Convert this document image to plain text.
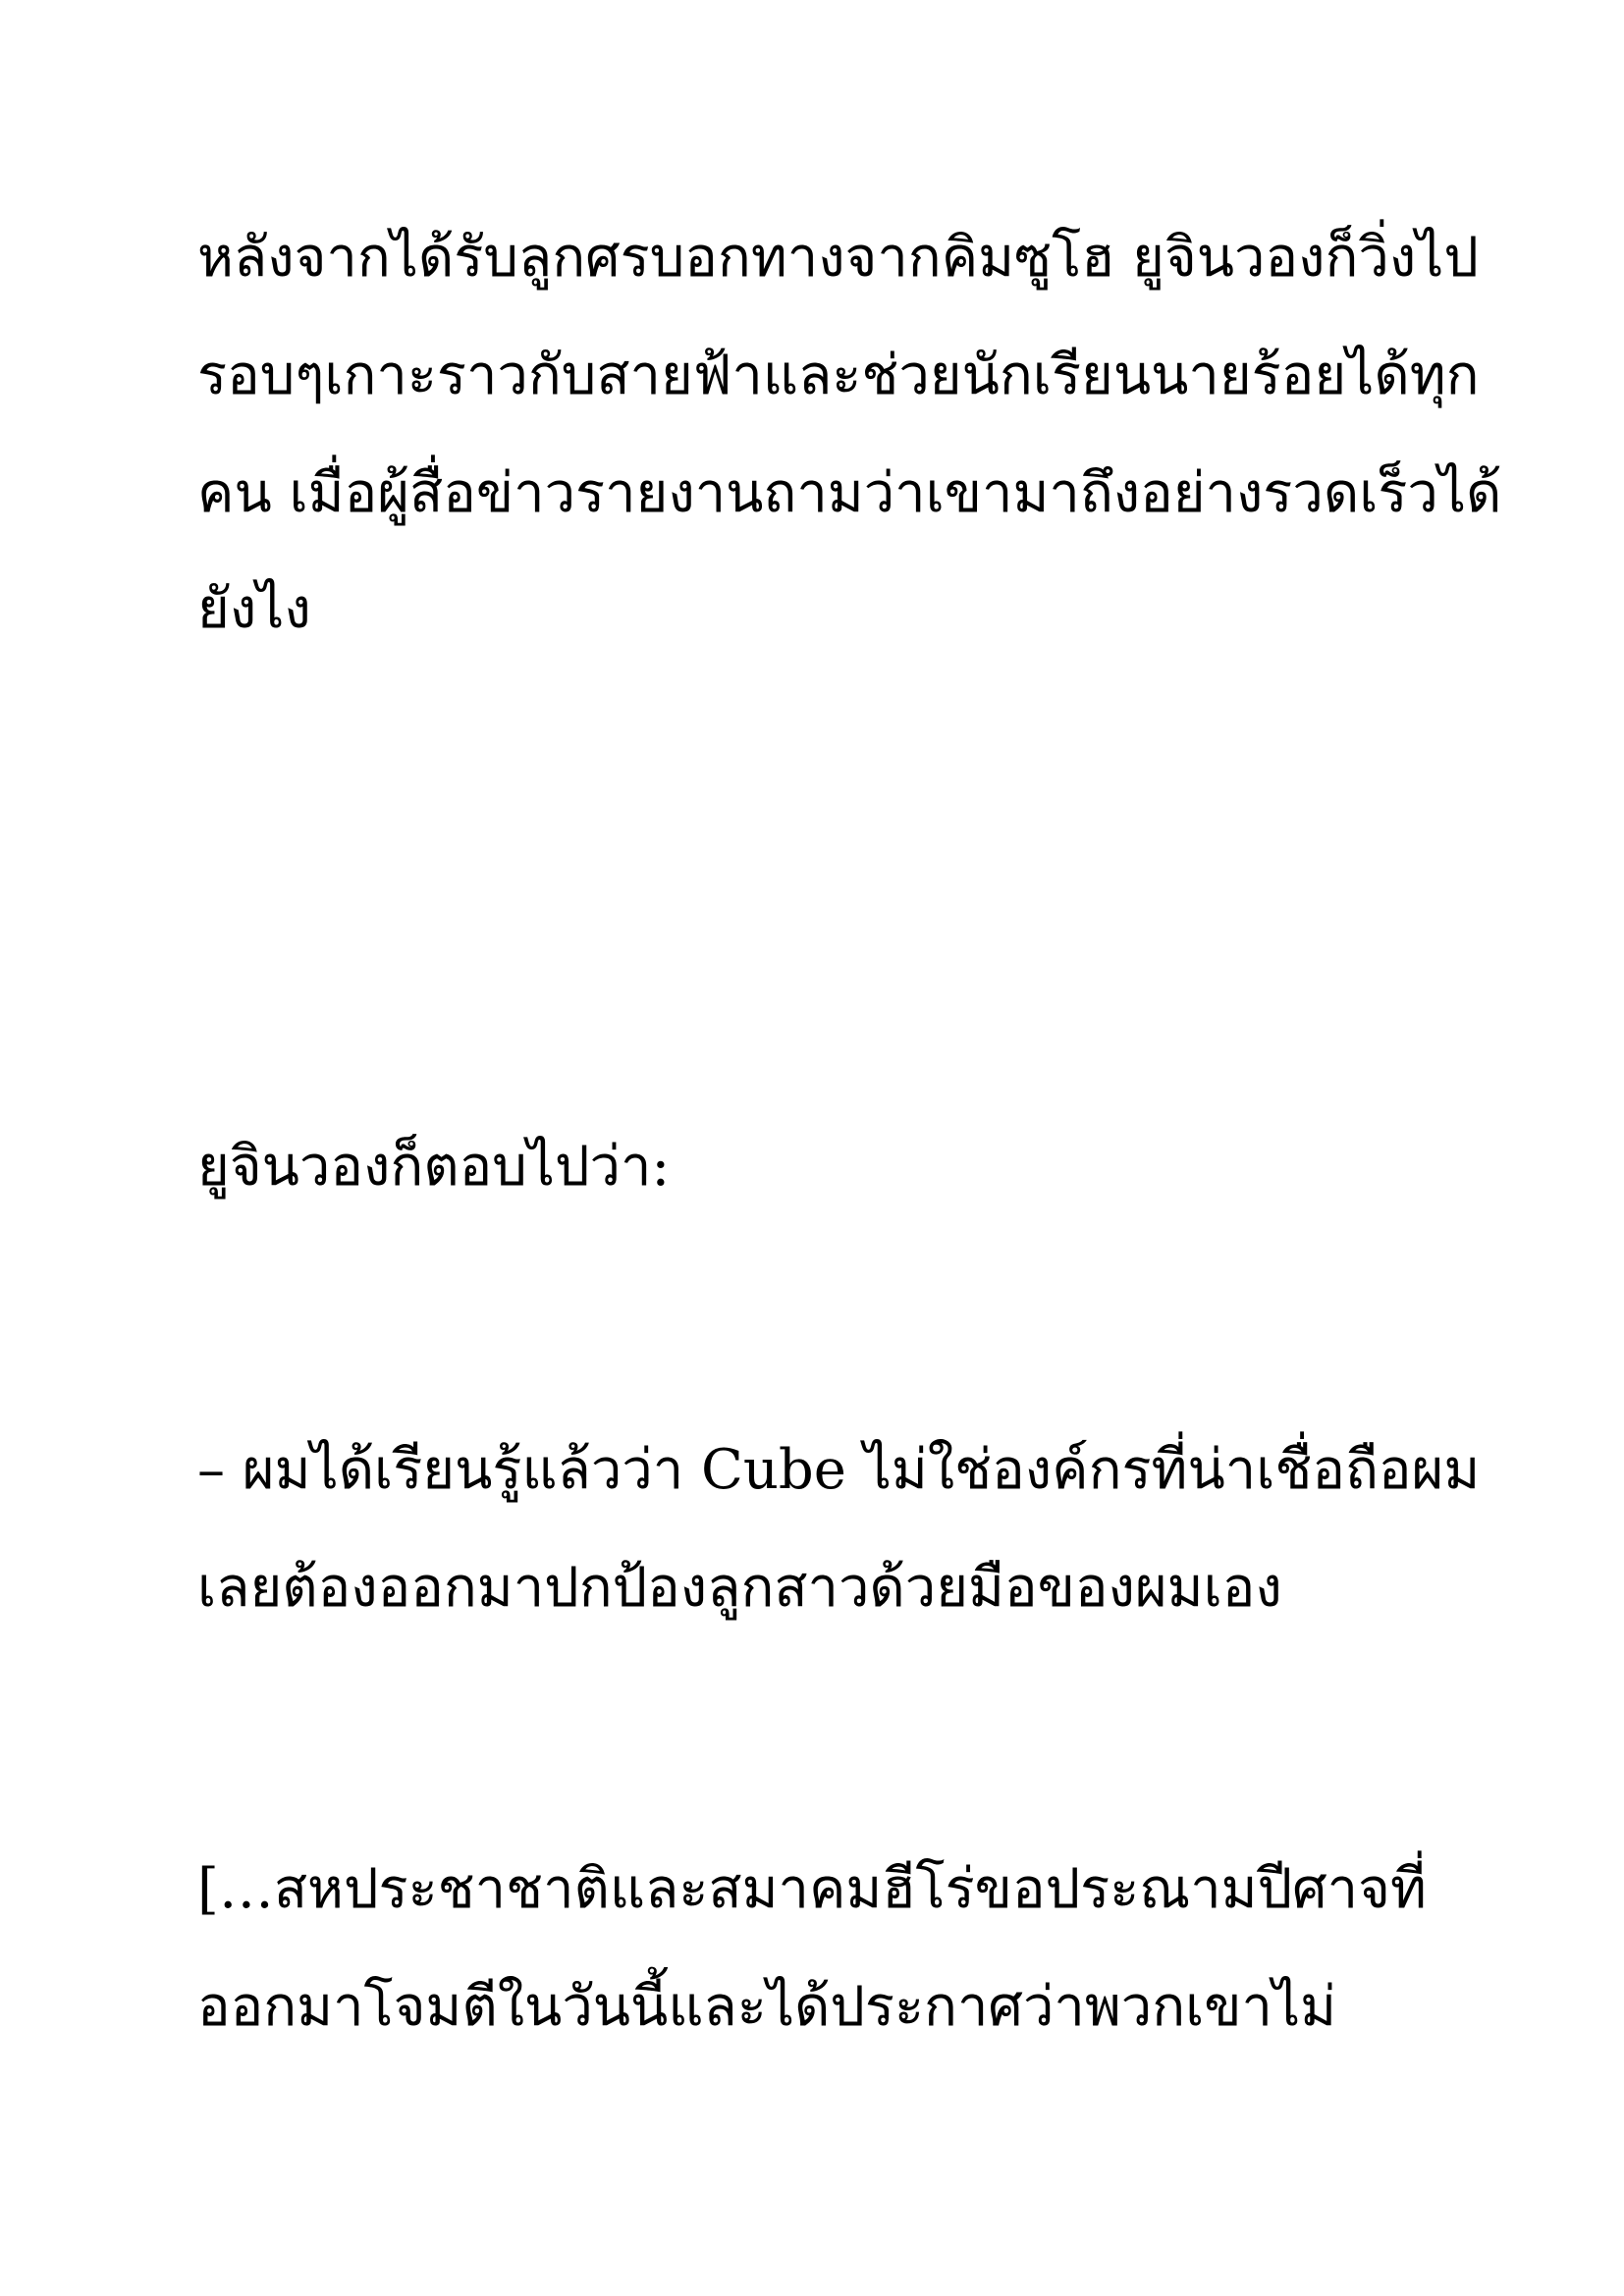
หลังจากได้รับลูกศรบอกทางจากคิมซูโฮ ยูจินวองก็วิ่งไป

รอบๆเกาะราวกับสายฟ้าและช่วยนักเรียนนายร้อยได้ทุก

คน เมื่อผู้สื่อข่าวรายงานถามว่าเขามาถึงอย่างรวดเร็วได้

ยังไง

ยูจินวองก็ตอบไปว่า:

– ผมได้เรียนรู้แล้วว่า Cube ไม่ใช่องค์กรที่น่าเชื่อถือผม

เลยต้องออกมาปกป้องลูกสาวด้วยมือของผมเอง

[…สหประชาชาติและสมาคมฮีโร่ขอประณามปีศาจที่

ออกมาโจมตีในวันนี้และได้ประกาศว่าพวกเขาไม่
